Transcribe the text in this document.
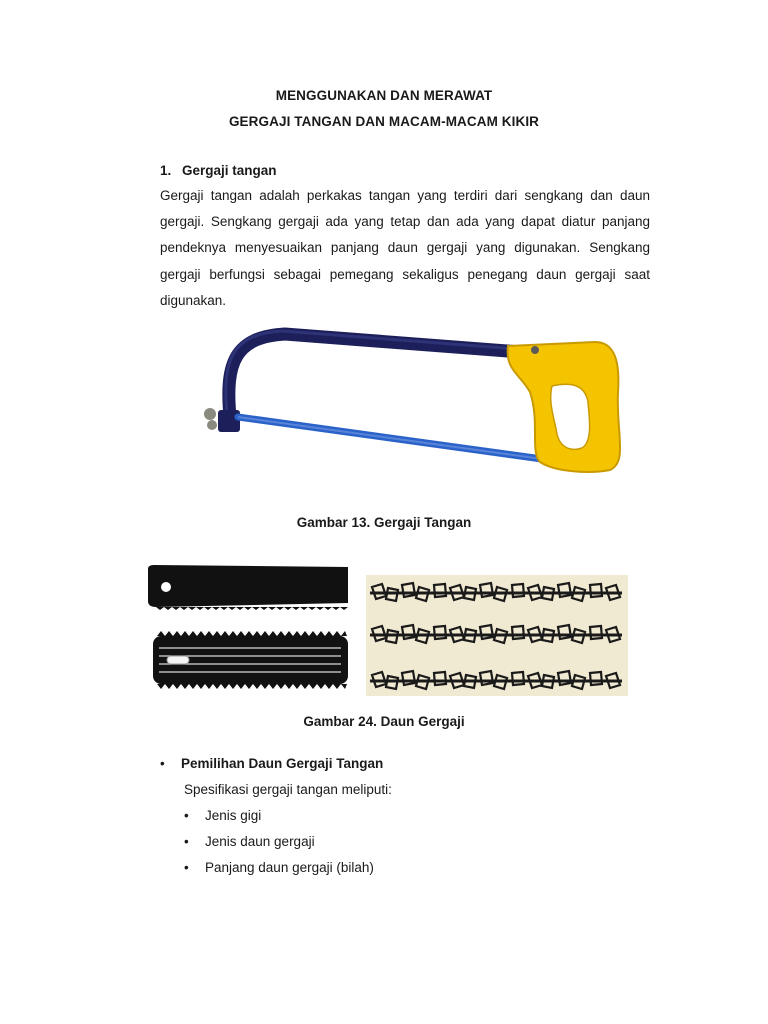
MENGGUNAKAN DAN MERAWAT
GERGAJI TANGAN DAN MACAM-MACAM KIKIR
1. Gergaji tangan
Gergaji tangan adalah perkakas tangan yang terdiri dari sengkang dan daun gergaji. Sengkang gergaji ada yang tetap dan ada yang dapat diatur panjang pendeknya menyesuaikan panjang daun gergaji yang digunakan. Sengkang gergaji berfungsi sebagai pemegang sekaligus penegang daun gergaji saat digunakan.
Gambar 13. Gergaji Tangan
Gambar 24. Daun Gergaji
• Pemilihan Daun Gergaji Tangan
Spesifikasi gergaji tangan meliputi:
• Jenis gigi
• Jenis daun gergaji
• Panjang daun gergaji (bilah)
